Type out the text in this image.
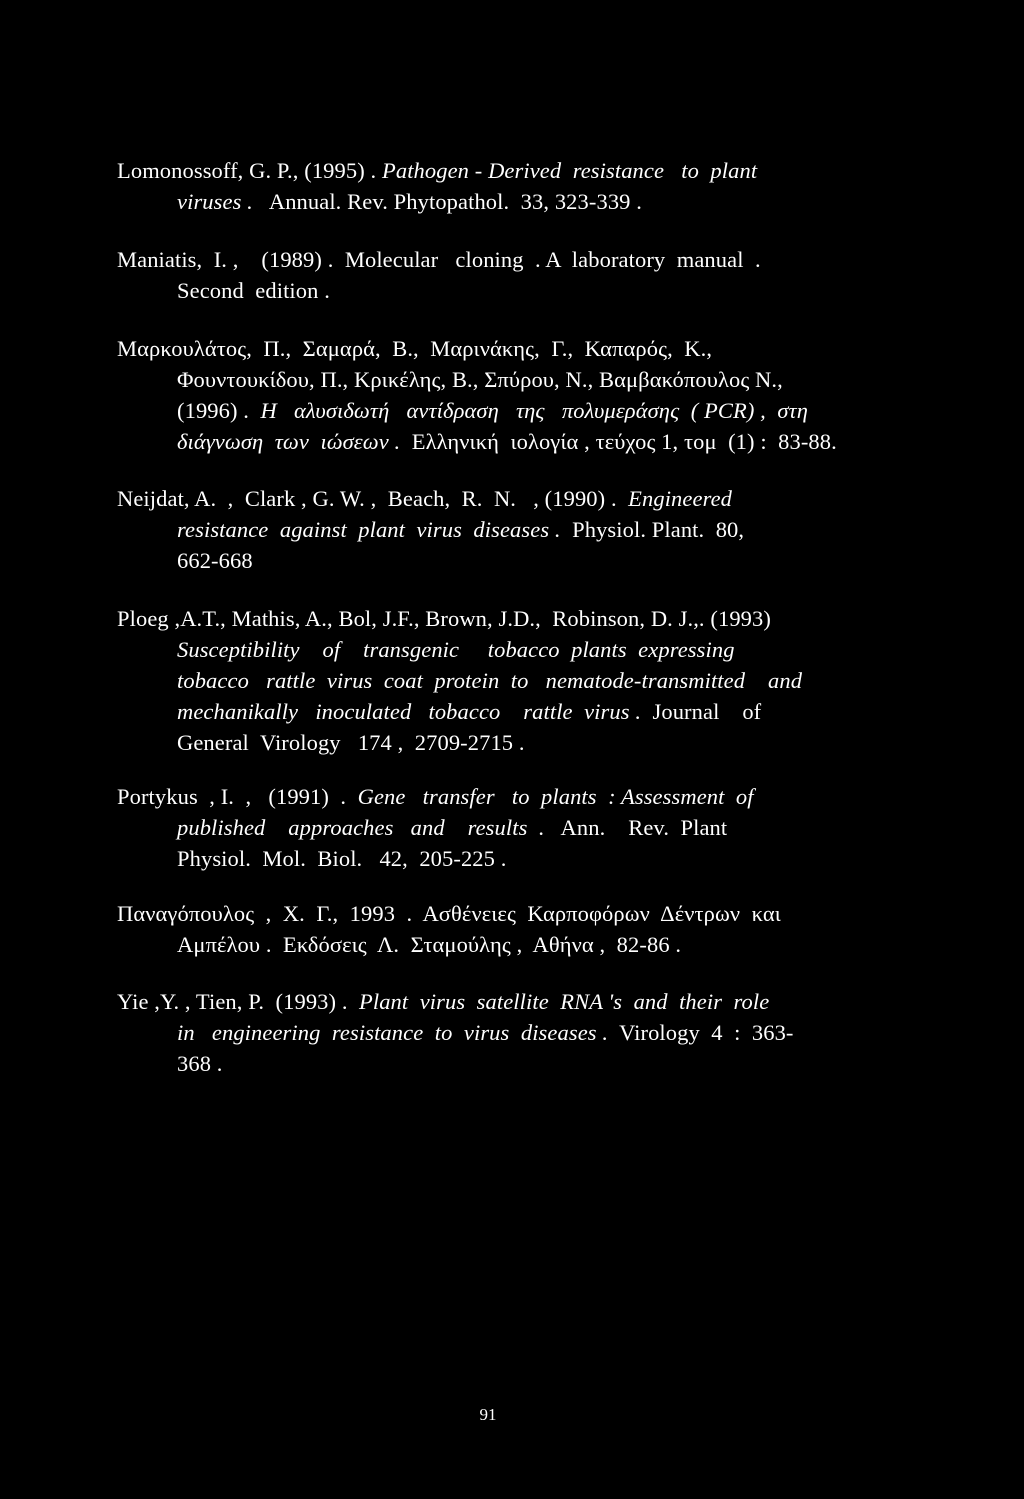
Lomonossoff, G. P., (1995) . Pathogen - Derived  resistance   to  plant
viruses .   Annual. Rev. Phytopathol.  33, 323-339 .
Maniatis,  I. ,    (1989) .  Molecular   cloning  . A  laboratory  manual  .
Second  edition .
Μαρκουλάτος,  Π.,  Σαμαρά,  Β.,  Μαρινάκης,  Γ.,  Καπαρός,  Κ.,
Φουντουκίδου, Π., Κρικέλης, Β., Σπύρου, Ν., Βαμβακόπουλος Ν.,
(1996) .  Η   αλυσιδωτή   αντίδραση   της   πολυμεράσης  ( PCR) ,  στη
διάγνωση  των  ιώσεων .  Ελληνική  ιολογία , τεύχος 1, τομ  (1) :  83-88.
Neijdat, A.  ,  Clark , G. W. ,  Beach,  R.  N.   , (1990) .  Engineered
resistance  against  plant  virus  diseases .  Physiol. Plant.  80,
662-668
Ploeg ,A.T., Mathis, A., Bol, J.F., Brown, J.D.,  Robinson, D. J.,. (1993)
Susceptibility    of    transgenic     tobacco  plants  expressing
tobacco   rattle  virus  coat  protein  to   nematode-transmitted    and
mechanikally   inoculated   tobacco    rattle  virus .  Journal    of
General  Virology   174 ,  2709-2715 .
Portykus  , I.  ,   (1991)  .  Gene   transfer   to  plants  : Assessment  of
published    approaches   and    results  .   Ann.    Rev.  Plant
Physiol.  Mol.  Biol.   42,  205-225 .
Παναγόπουλος  ,  Χ.  Γ.,  1993  .  Ασθένειες  Καρποφόρων  Δέντρων  και
Αμπέλου .  Εκδόσεις  Λ.  Σταμούλης ,  Αθήνα ,  82-86 .
Yie ,Y. , Tien, P.  (1993) .  Plant  virus  satellite  RNA 's  and  their  role
in   engineering  resistance  to  virus  diseases .  Virology  4  :  363-
368 .
91
